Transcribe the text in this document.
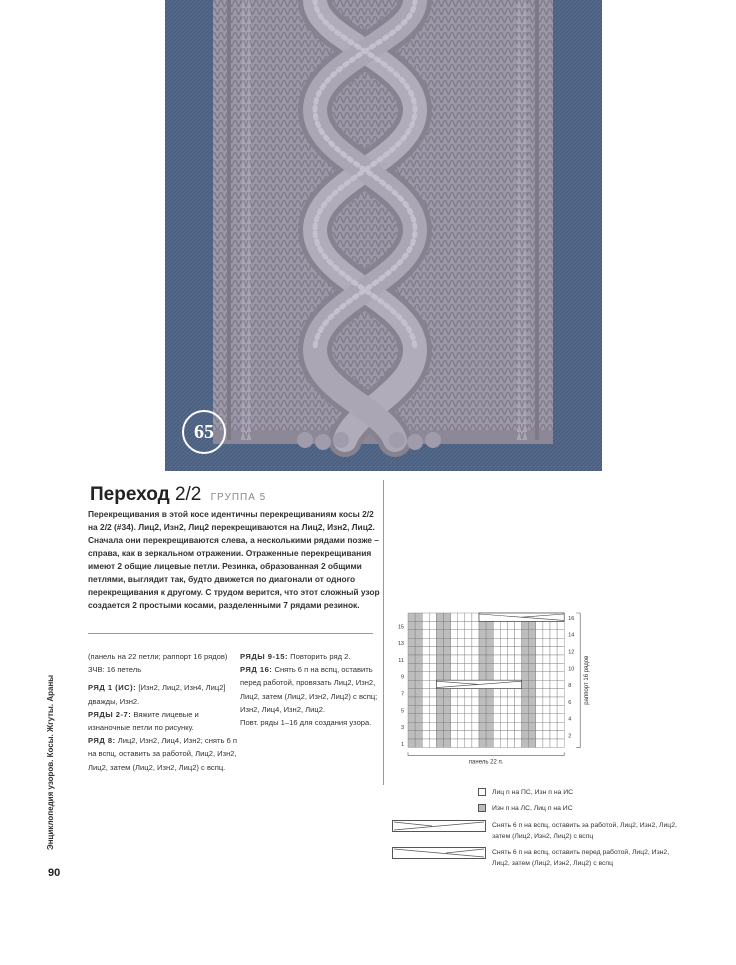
65
Переход 2/2 ГРУППА 5
Перекрещивания в этой косе идентичны перекрещиваниям косы 2/2 на 2/2 (#34). Лиц2, Изн2, Лиц2 перекрещиваются на Лиц2, Изн2, Лиц2. Сначала они перекрещиваются слева, а несколькими рядами позже – справа, как в зеркальном отражении. Отраженные перекрещивания имеют 2 общие лицевые петли. Резинка, образованная 2 общими петлями, выглядит так, будто движется по диагонали от одного перекрещивания к другому. С трудом верится, что этот сложный узор создается 2 простыми косами, разделенными 7 рядами резинок.
(панель на 22 петли; раппорт 16 рядов)
ЗЧВ: 16 петель
РЯД 1 (ИС): [Изн2, Лиц2, Изн4, Лиц2] дважды, Изн2.
РЯДЫ 2-7: Вяжите лицевые и изнаночные петли по рисунку.
РЯД 8: Лиц2, Изн2, Лиц4, Изн2; снять 6 п на вспц, оставить за работой, Лиц2, Изн2, Лиц2, затем (Лиц2, Изн2, Лиц2) с вспц.
РЯДЫ 9-15: Повторить ряд 2.
РЯД 16: Снять 6 п на вспц, оставить перед работой, провязать Лиц2, Изн2, Лиц2, затем (Лиц2, Изн2, Лиц2) с вспц; Изн2, Лиц4, Изн2, Лиц2.
Повт. ряды 1–16 для создания узора.
15
13
11
9
7
5
3
1
16
14
12
10
8
6
4
2
раппорт 16 рядов
панель 22 п.
Лиц п на ПС, Изн п на ИС
Изн п на ЛС, Лиц п на ИС
Снять 6 п на вспц, оставить за работой, Лиц2, Изн2, Лиц2,
затем (Лиц2, Изн2, Лиц2) с вспц
Снять 6 п на вспц, оставить перед работой, Лиц2, Изн2,
Лиц2, затем (Лиц2, Изн2, Лиц2) с вспц
Энциклопедия узоров. Косы. Жгуты. Араны
90
